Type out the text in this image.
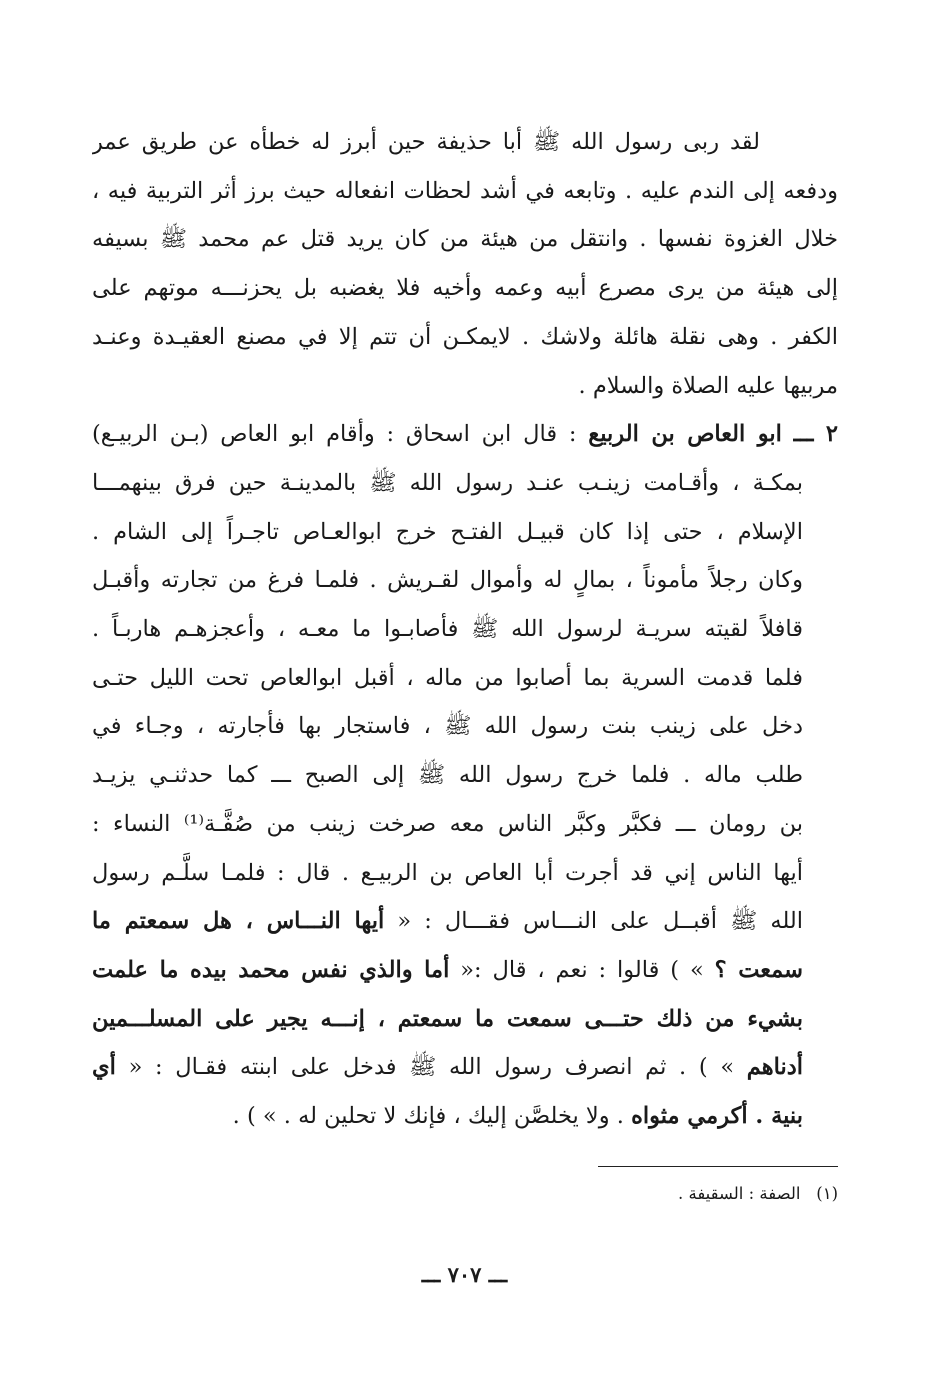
لقد ربى رسول الله ﷺ أبا حذيفة حين أبرز له خطأه عن طريق عمر
ودفعه إلى الندم عليه . وتابعه في أشد لحظات انفعاله حيث برز أثر التربية فيه ،
خلال الغزوة نفسها . وانتقل من هيئة من كان يريد قتل عم محمد ﷺ بسيفه
إلى هيئة من يرى مصرع أبيه وعمه وأخيه فلا يغضبه بل يحزنـــه موتهم على
الكفر . وهى نقلة هائلة ولاشك . لايمكـن أن تتم إلا في مصنع العقيـدة وعنـد
مربيها عليه الصلاة والسلام .
٢ ـــ ابو العاص بن الربيع : قال ابن اسحاق : وأقام ابو العاص (بـن الربيـع)
بمكـة ، وأقـامت زينـب عنـد رسول الله ﷺ بالمدينـة حين فرق بينهمـــا
الإسلام ، حتى إذا كان قبيـل الفتـح خرج ابوالعـاص تاجـراً إلى الشام .
وكان رجلاً مأموناً ، بمالٍ له وأموال لقـريش . فلمـا فرغ من تجارته وأقبـل
قافلاً لقيته سريـة لرسول الله ﷺ فأصابـوا ما معـه ، وأعجزهـم هاربـاً .
فلما قدمت السرية بما أصابوا من ماله ، أقبل ابوالعاص تحت الليل حتـى
دخل على زينب بنت رسول الله ﷺ ، فاستجار بها فأجارته ، وجـاء في
طلب ماله . فلما خرج رسول الله ﷺ إلى الصبح ـــ كما حدثنـي يزيـد
بن رومان ـــ فكبَّر وكبَّر الناس معه صرخت زينب من صُفَّـة⁽¹⁾ النساء :
أيها الناس إني قد أجرت أبا العاص بن الربيـع . قال : فلمـا سلَّـم رسول
الله ﷺ أقبــل على النـــاس فقـــال : « أيها النـــاس ، هل سمعتم ما
سمعت ؟ » ) قالوا : نعم ، قال :« أما والذي نفس محمد بيده ما علمت
بشيء من ذلك حتـــى سمعت ما سمعتم ، إنـــه يجير على المسلـــمين
أدناهم » ) . ثم انصرف رسول الله ﷺ فدخل على ابنته فقـال : « أي
بنية . أكرمي مثواه . ولا يخلصَّن إليك ، فإنك لا تحلين له . » ) .
(١)   الصفة : السقيفة .
ـــ ٧٠٧ ـــ
